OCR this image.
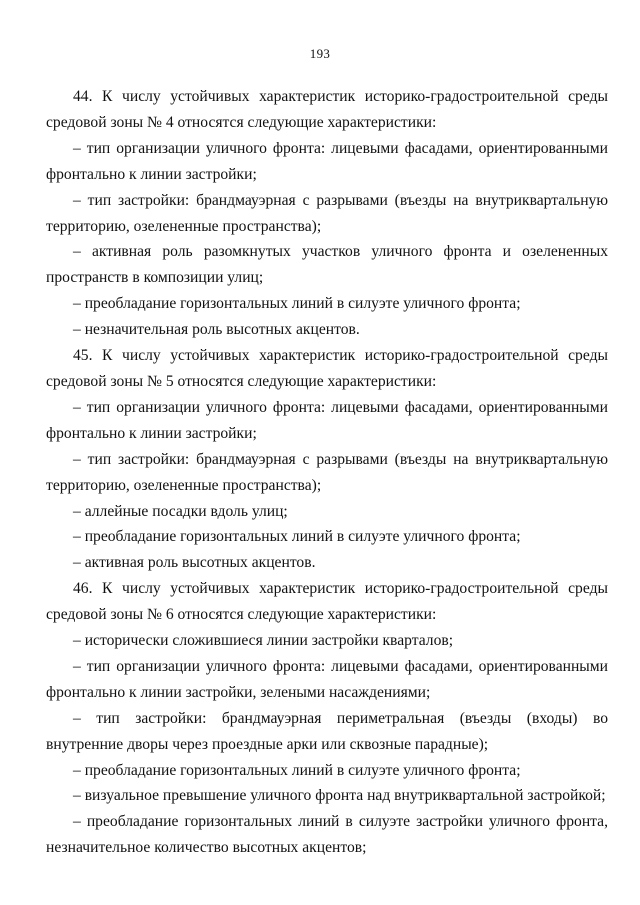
193

44. К числу устойчивых характеристик историко-градостроительной среды средовой зоны № 4 относятся следующие характеристики:

– тип организации уличного фронта: лицевыми фасадами, ориентированными фронтально к линии застройки;

– тип застройки: брандмауэрная с разрывами (въезды на внутриквартальную территорию, озелененные пространства);

– активная роль разомкнутых участков уличного фронта и озелененных пространств в композиции улиц;

– преобладание горизонтальных линий в силуэте уличного фронта;

– незначительная роль высотных акцентов.

45. К числу устойчивых характеристик историко-градостроительной среды средовой зоны № 5 относятся следующие характеристики:

– тип организации уличного фронта: лицевыми фасадами, ориентированными фронтально к линии застройки;

– тип застройки: брандмауэрная с разрывами (въезды на внутриквартальную территорию, озелененные пространства);

– аллейные посадки вдоль улиц;

– преобладание горизонтальных линий в силуэте уличного фронта;

– активная роль высотных акцентов.

46. К числу устойчивых характеристик историко-градостроительной среды средовой зоны № 6 относятся следующие характеристики:

– исторически сложившиеся линии застройки кварталов;

– тип организации уличного фронта: лицевыми фасадами, ориентированными фронтально к линии застройки, зелеными насаждениями;

– тип застройки: брандмауэрная периметральная (въезды (входы) во внутренние дворы через проездные арки или сквозные парадные);

– преобладание горизонтальных линий в силуэте уличного фронта;

– визуальное превышение уличного фронта над внутриквартальной застройкой;

– преобладание горизонтальных линий в силуэте застройки уличного фронта, незначительное количество высотных акцентов;
